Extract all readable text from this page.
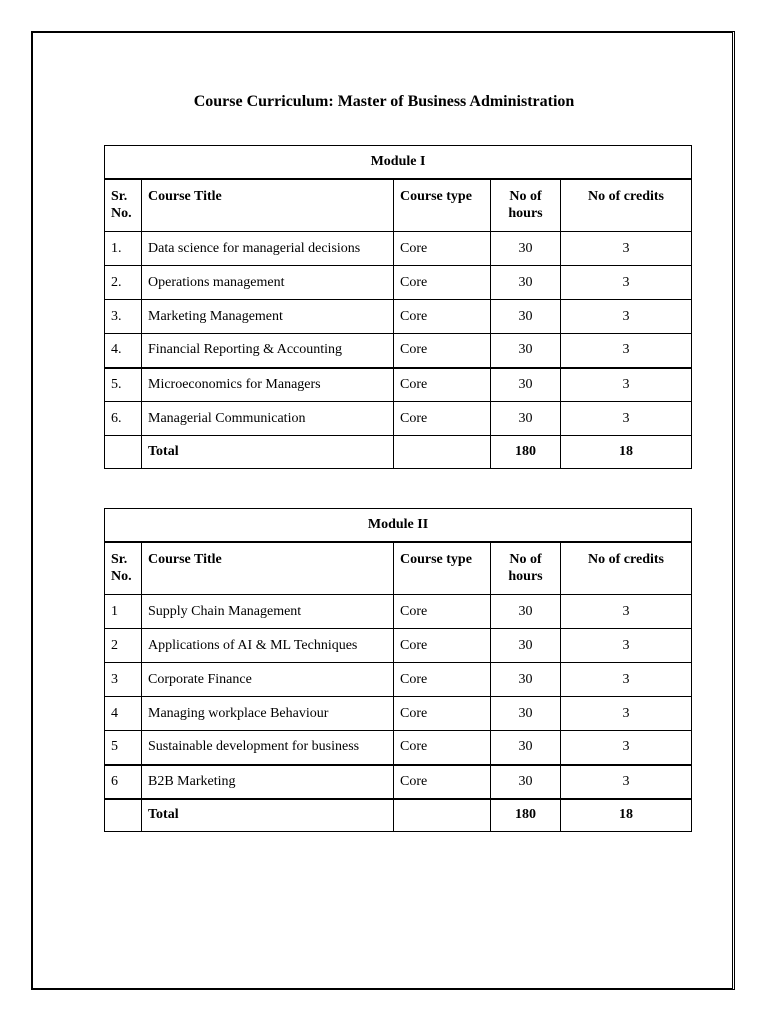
Course Curriculum: Master of Business Administration
Module I				
Sr. No.	Course Title	Course type	No of hours	No of credits
1.	Data science for managerial decisions	Core	30	3
2.	Operations management	Core	30	3
3.	Marketing Management	Core	30	3
4.	Financial Reporting & Accounting	Core	30	3
5.	Microeconomics for Managers	Core	30	3
6.	Managerial Communication	Core	30	3
	Total		180	18
Module II				
Sr. No.	Course Title	Course type	No of hours	No of credits
1	Supply Chain Management	Core	30	3
2	Applications of AI & ML Techniques	Core	30	3
3	Corporate Finance	Core	30	3
4	Managing workplace Behaviour	Core	30	3
5	Sustainable development for business	Core	30	3
6	B2B Marketing	Core	30	3
	Total		180	18
